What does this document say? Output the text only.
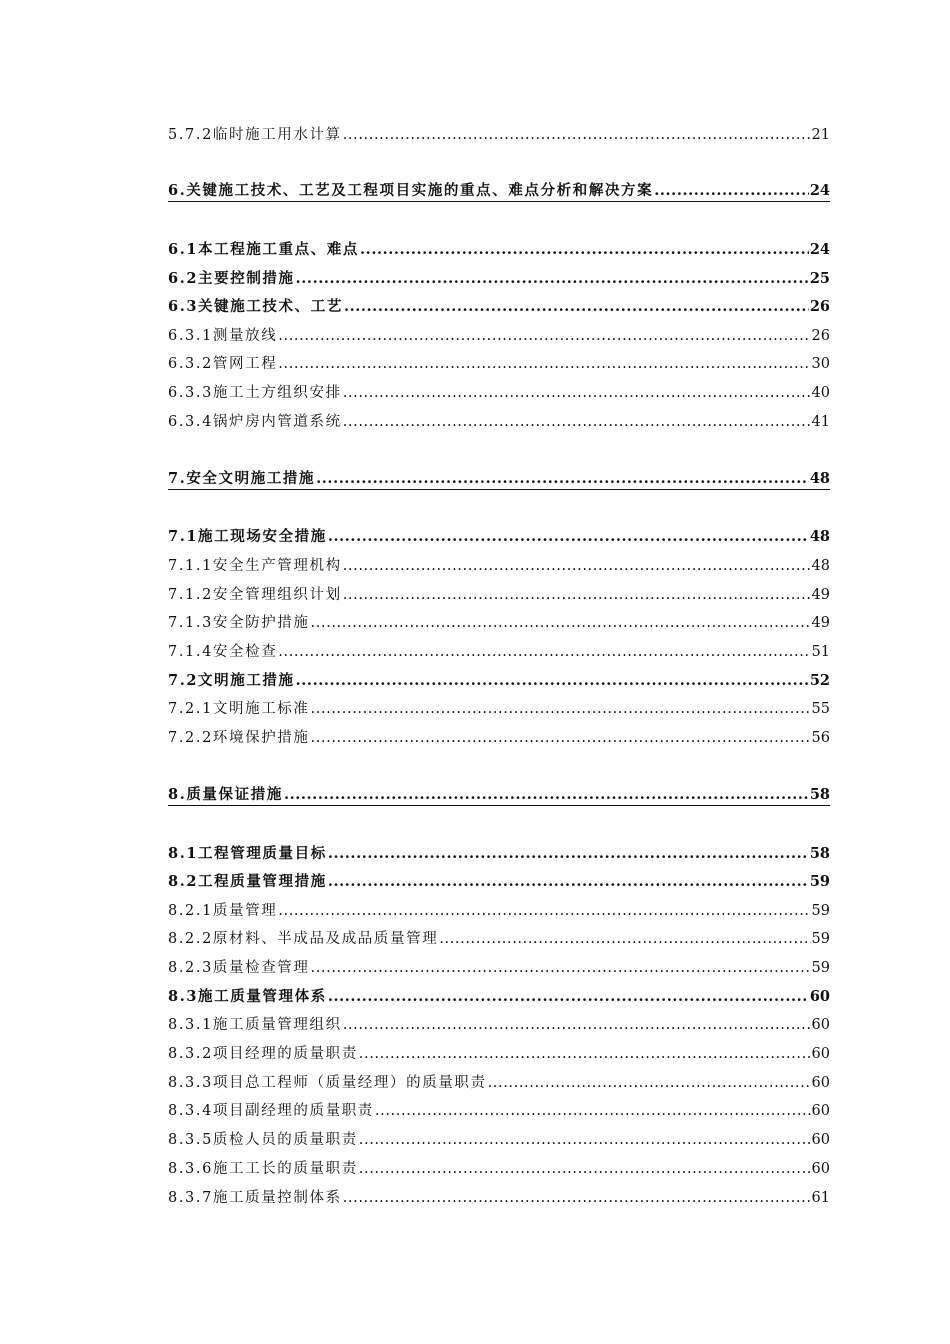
5.7.2临时施工用水计算 .....	21
6.关键施工技术、工艺及工程项目实施的重点、难点分析和解决方案 .....	24
6.1本工程施工重点、难点 .....	24
6.2主要控制措施 .....	25
6.3关键施工技术、工艺 .....	26
6.3.1测量放线 .....	26
6.3.2管网工程 .....	30
6.3.3施工土方组织安排 .....	40
6.3.4锅炉房内管道系统 .....	41
7.安全文明施工措施 .....	48
7.1施工现场安全措施 .....	48
7.1.1安全生产管理机构 .....	48
7.1.2安全管理组织计划 .....	49
7.1.3安全防护措施 .....	49
7.1.4安全检查 .....	51
7.2文明施工措施 .....	52
7.2.1文明施工标准 .....	55
7.2.2环境保护措施 .....	56
8.质量保证措施 .....	58
8.1工程管理质量目标 .....	58
8.2工程质量管理措施 .....	59
8.2.1质量管理 .....	59
8.2.2原材料、半成品及成品质量管理 .....	59
8.2.3质量检查管理 .....	59
8.3施工质量管理体系 .....	60
8.3.1施工质量管理组织 .....	60
8.3.2项目经理的质量职责 .....	60
8.3.3项目总工程师（质量经理）的质量职责 .....	60
8.3.4项目副经理的质量职责 .....	60
8.3.5质检人员的质量职责 .....	60
8.3.6施工工长的质量职责 .....	60
8.3.7施工质量控制体系 .....	61
